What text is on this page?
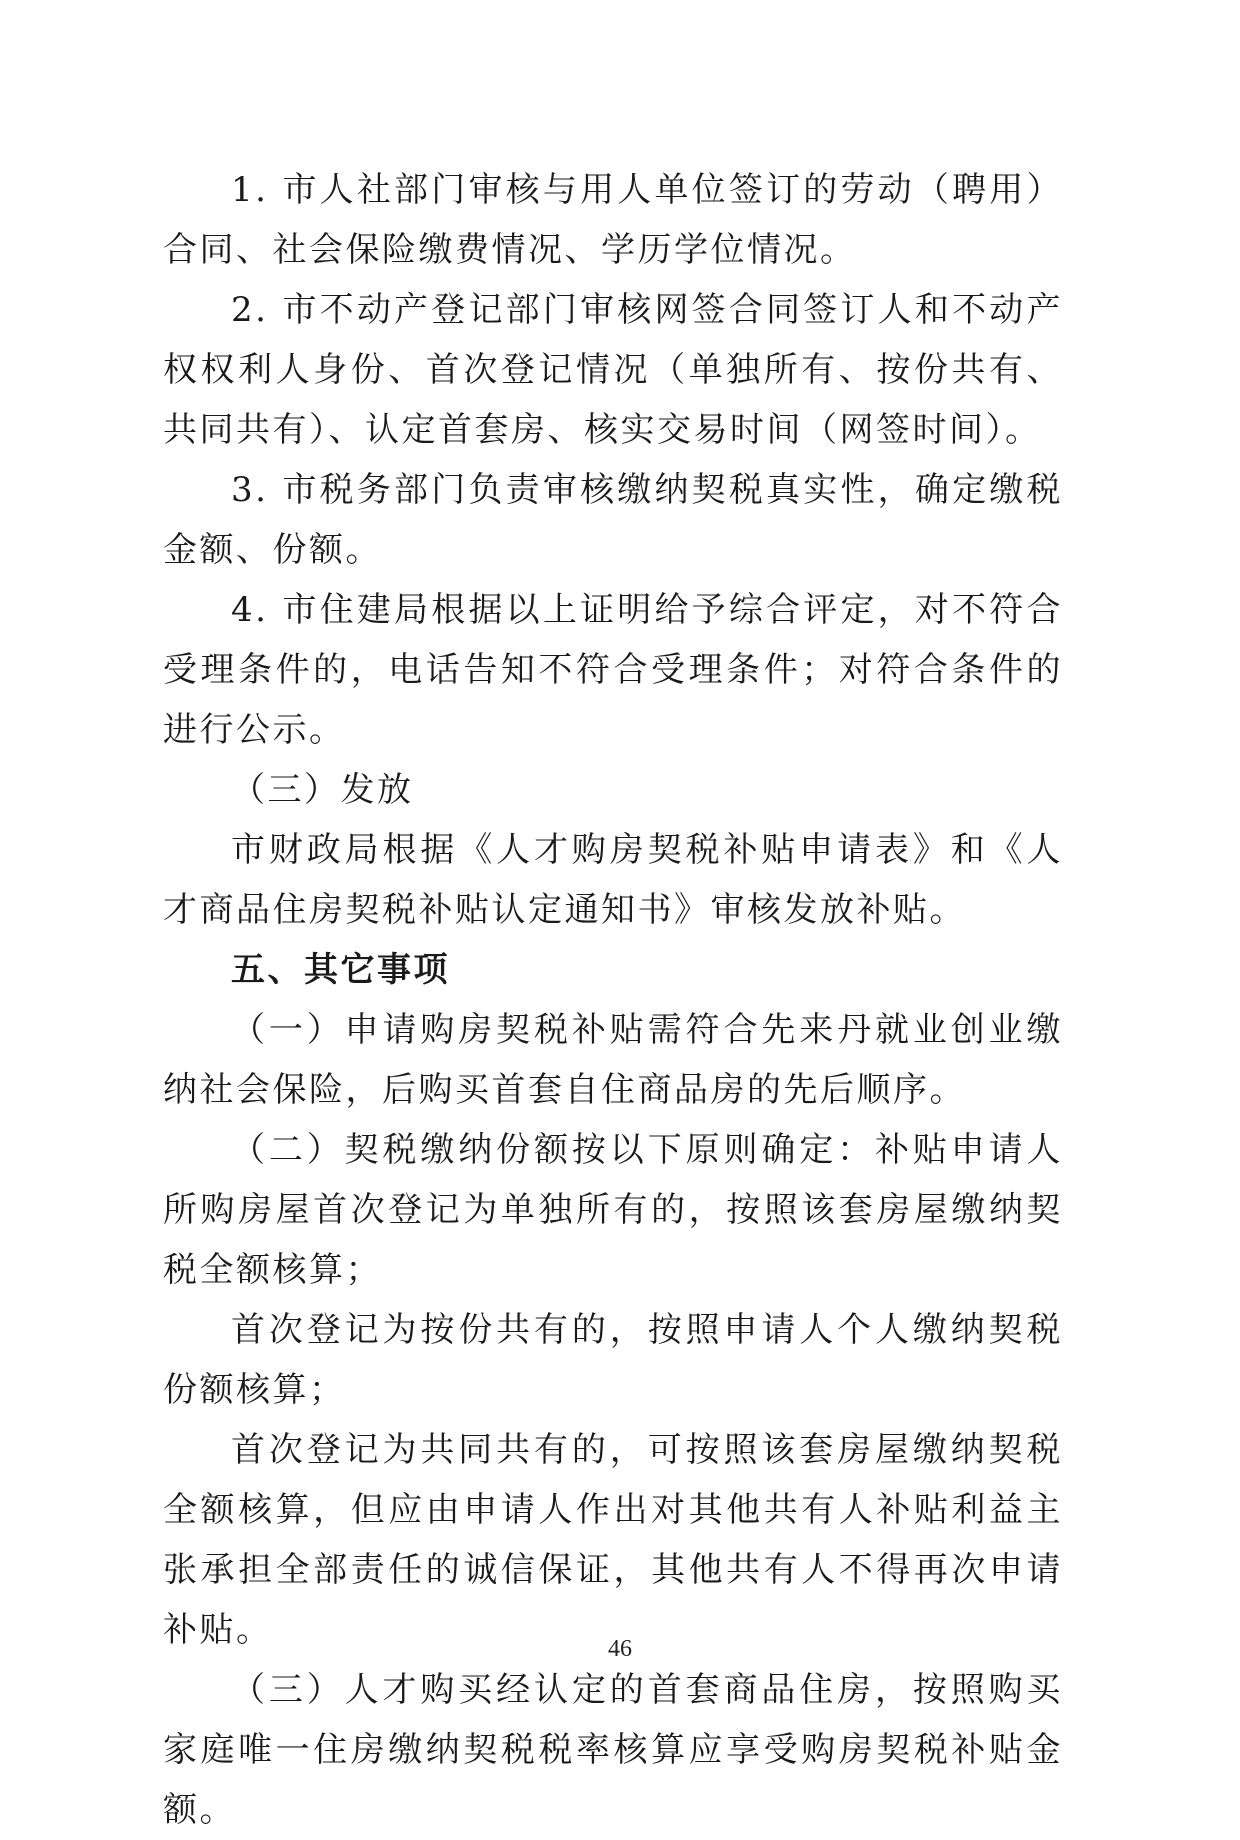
1. 市人社部门审核与用人单位签订的劳动（聘用）合同、社会保险缴费情况、学历学位情况。

2. 市不动产登记部门审核网签合同签订人和不动产权权利人身份、首次登记情况（单独所有、按份共有、共同共有）、认定首套房、核实交易时间（网签时间）。

3. 市税务部门负责审核缴纳契税真实性，确定缴税金额、份额。

4. 市住建局根据以上证明给予综合评定，对不符合受理条件的，电话告知不符合受理条件；对符合条件的进行公示。

（三）发放

市财政局根据《人才购房契税补贴申请表》和《人才商品住房契税补贴认定通知书》审核发放补贴。

五、其它事项

（一）申请购房契税补贴需符合先来丹就业创业缴纳社会保险，后购买首套自住商品房的先后顺序。

（二）契税缴纳份额按以下原则确定：补贴申请人所购房屋首次登记为单独所有的，按照该套房屋缴纳契税全额核算；

首次登记为按份共有的，按照申请人个人缴纳契税份额核算；

首次登记为共同共有的，可按照该套房屋缴纳契税全额核算，但应由申请人作出对其他共有人补贴利益主张承担全部责任的诚信保证，其他共有人不得再次申请补贴。

（三）人才购买经认定的首套商品住房，按照购买家庭唯一住房缴纳契税税率核算应享受购房契税补贴金额。

46
